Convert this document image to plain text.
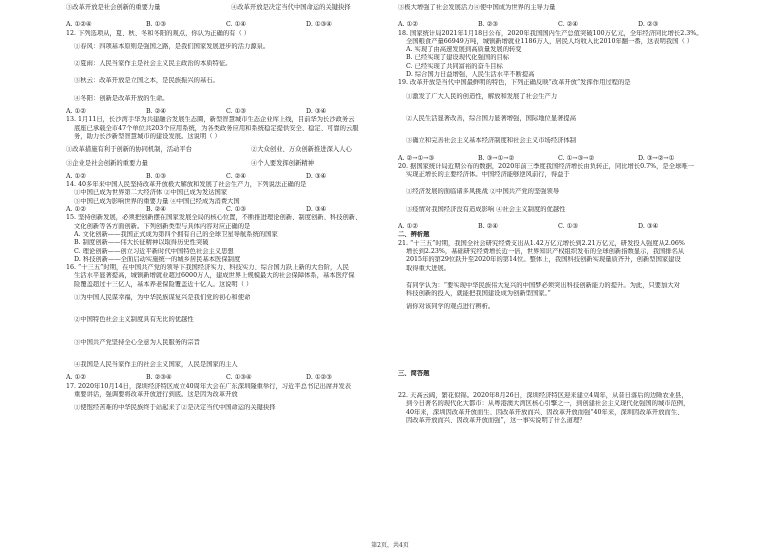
③改革开放是社会创新的重要力量	④改革开放是决定当代中国命运的关键抉择
A. ①②④	B. ①③	C. ①④	D. ①③④
12. 下列选项从，夏、秋、冬和冬阳的观点，你认为正确的有（ ）
①春风：四项基本原则是强国之路，是我们国家发展进步的活力源泉。
②夏雨：人民当家作主是社会主义民主政治的本质特征。
③秋云：改革开放是立国之本，是民族振兴的基石。
④冬阳：创新是改革开放的生命。
A. ①②	B. ②④	C. ①③	D. ③④
13. 1月11日，长沙湾手华为共建融合发展生态圈，新型智慧城市生态企业库上线，目前华为长沙政务云
底座已承载全市47个单位共203个应用系统，为各类政务应用和系统稳定提供安全、稳定、可靠的云服
务，助力长沙新型智慧城市的建设发展。这说明（ ）
①改革措施有利于创新的协同机制，活动平台	②大众创业、万众创新推进深入人心
③企业是社会创新的重要力量	④个人要发挥创新精神
A. ①②	B. ①③	C. ②④	D. ③④
14. 40多年来中国人民坚持改革开放极大解放和发展了社会生产力，下列说法正确的是
①中国已成为世界第二大经济体 ②中国已成为发达国家
③中国已成为影响世界的重要力量 ④中国已经成为消费大国
A. ①②	B. ②④	C. ①③	D. ③④
15. 坚持创新发展，必须把创新摆在国家发展全局的核心位置，不断推进理论创新、制度创新、科技创新、
文化创新等各方面创新。下列创新类型与具体内容对应正确的是
A. 文化创新——我国正式成为第四个拥有自己的全球卫星导航系统的国家
B. 制度创新——伟大长征精神以取得历史性突破
C. 理论创新——创立习近平新时代中国特色社会主义思想
D. 科技创新——全面启动实施统一的城乡居民基本医保制度
16. “十三五”时期，在中国共产党的领导下我国经济实力、科技实力、综合国力跃上新的大台阶，人民
生活水平显著提高，城镇新增就业超过6000万人，建成世界上规模最大的社会保障体系，基本医疗保
险覆盖超过十三亿人，基本养老保险覆盖近十亿人。这说明（ ）
①为中国人民谋幸福，为中华民族谋复兴是我们党的初心和使命
②中国特色社会主义制度具有无比的优越性
③中国共产党坚持全心全意为人民服务的宗旨
④我国是人民当家作主的社会主义国家，人民是国家的主人
A. ①②	B. ②③④	C. ①③④	D. ①②③
17. 2020年10月14日，深圳经济特区成立40周年大会在广东深圳隆重举行，习近平总书记出席并发表
重要讲话，强调要将改革开放进行到底。这是因为改革开放
①使饱经苦难的中华民族终于站起来了②是决定当代中国命运的关键抉择
③极大增强了社会发展活力④使中国成为世界的主导力量
A. ①②	B. ②③	C. ②④	D. ②③
18. 国家统计局2021年1月18日公布，2020年我国国内生产总值突破100万亿元，全年经济同比增长2.3%。
全国粮食产量66949万吨，城镇新增就业1186万人，居民人均收入比2010年翻一番，这表明我国（ ）
A. 实现了由高速发展到高质量发展的转变
B. 已经实现了建设现代化强国的目标
C. 已经实现了共同富裕的奋斗目标
D. 综合国力日益增强，人民生活水平不断提高
19. 改革开放是当代中国最鲜明的特色，下列正确反映“改革开放”发挥作用过程的是
①激发了广大人民的创造性，解放和发展了社会生产力
②人民生活显著改善，综合国力显著增强，国际地位显著提高
③确立和完善社会主义基本经济制度和社会主义市场经济体制
A. ②→①→③	B. ③→①→②	C. ①→③→②	D. ③→②→①
20. 据国家统计局近期公布的数据，2020年前三季度我国经济增长由负转正，同比增长0.7%，是全球唯一
实现正增长的主要经济体。中国经济能够逆风前行，得益于
①经济发展的面临诸多风挑战 ②中国共产党的坚强领导
③疫情对我国经济没有造成影响 ④社会主义制度的优越性
A. ①②	B. ②④	C. ①③	D. ③④
二、辨析题
21. “十三五”时期，我国全社会研究经费支出从1.42万亿元增长到2.21万亿元，研发投入强度从2.06%
增长到2.23%，基础研究经费增长近一倍，世界知识产权组织发布的全球创新指数显示，我国排名从
2015年的第29位跃升至2020年的第14位。整体上，我国科技创新实现量质齐升，创新型国家建设
取得重大进展。
有同学认为：“要实现中华民族伟大复兴的中国梦必须突出科技创新能力的提升。为此，只要加大对
科技创新的投入，就能把我国建设成为创新型国家。”
请你对该同学的观点进行辨析。
三、简答题
22. 天高云阔，繁花似锦。2020年8月26日，深圳经济特区迎来建立4周年，从昔日落后的边陲农业县，
到今日著名的现代化大都市：从粤港澳大湾区核心引擎之一，到创建社会主义现代化强国的城市范例，
40年来，深圳因改革开放而生、因改革开放而兴、因改革开放而强“40年来，深圳因改革开放而生、
因改革开放而兴、因改革开放而强”，这一事实说明了什么道理？
第2页，共4页
